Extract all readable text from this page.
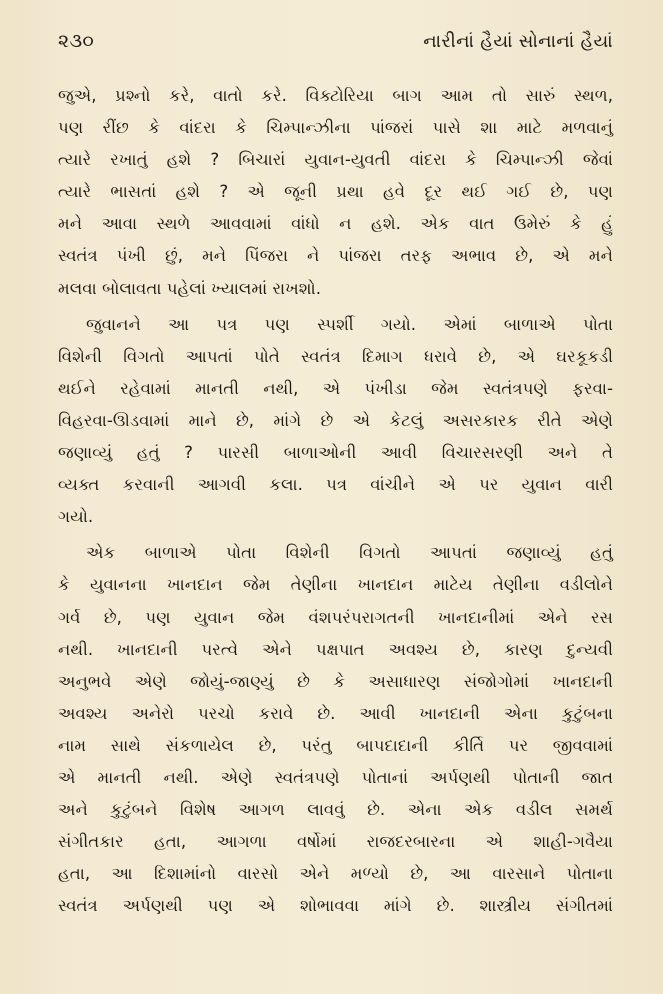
૨૩૦	નારીનાં હૈયાં સોનાનાં હૈયાં

જુએ, પ્રશ્નો કરે, વાતો કરે. વિક્ટોરિયા બાગ આમ તો સારું સ્થળ,
પણ રીંછ કે વાંદરા કે ચિમ્પાન્ઝીના પાંજરાં પાસે શા માટે મળવાનું
ત્યારે રખાતું હશે ? બિચારાં યુવાન-યુવતી વાંદરા કે ચિમ્પાન્ઝી જેવાં
ત્યારે ભાસતાં હશે ? એ જૂની પ્રથા હવે દૂર થઈ ગઈ છે, પણ
મને આવા સ્થળે આવવામાં વાંધો ન હશે. એક વાત ઉમેરું કે હું
સ્વતંત્ર પંખી છું, મને પિંજરા ને પાંજરા તરફ અભાવ છે, એ મને
મલવા બોલાવતા પહેલાં ખ્યાલમાં રાખશો.

જુવાનને આ પત્ર પણ સ્પર્શી ગયો. એમાં બાળાએ પોતા
વિશેની વિગતો આપતાં પોતે સ્વતંત્ર દિમાગ ધરાવે છે, એ ઘરકૂકડી
થઈને રહેવામાં માનતી નથી, એ પંખીડા જેમ સ્વતંત્રપણે ફરવા-
વિહરવા-ઊડવામાં માને છે, માંગે છે એ કેટલું અસરકારક રીતે એણે
જણાવ્યું હતું ? પારસી બાળાઓની આવી વિચારસરણી અને તે
વ્યક્ત કરવાની આગવી કલા. પત્ર વાંચીને એ પર યુવાન વારી
ગયો.

એક બાળાએ પોતા વિશેની વિગતો આપતાં જણાવ્યું હતું
કે યુવાનના ખાનદાન જેમ તેણીના ખાનદાન માટેય તેણીના વડીલોને
ગર્વ છે, પણ યુવાન જેમ વંશપરંપરાગતની ખાનદાનીમાં એને રસ
નથી. ખાનદાની પરત્વે એને પક્ષપાત અવશ્ય છે, કારણ દુન્યવી
અનુભવે એણે જોયું-જાણ્યું છે કે અસાધારણ સંજોગોમાં ખાનદાની
અવશ્ય અનેરો પરચો કરાવે છે. આવી ખાનદાની એના કુટુંબના
નામ સાથે સંકળાયેલ છે, પરંતુ બાપદાદાની કીર્તિ પર જીવવામાં
એ માનતી નથી. એણે સ્વતંત્રપણે પોતાનાં અર્પણથી પોતાની જાત
અને કુટુંબને વિશેષ આગળ લાવવું છે. એના એક વડીલ સમર્થ
સંગીતકાર હતા, આગળા વર્ષોમાં રાજદરબારના એ શાહી-ગવૈયા
હતા, આ દિશામાંનો વારસો એને મળ્યો છે, આ વારસાને પોતાના
સ્વતંત્ર અર્પણથી પણ એ શોભાવવા માંગે છે. શાસ્ત્રીય સંગીતમાં
